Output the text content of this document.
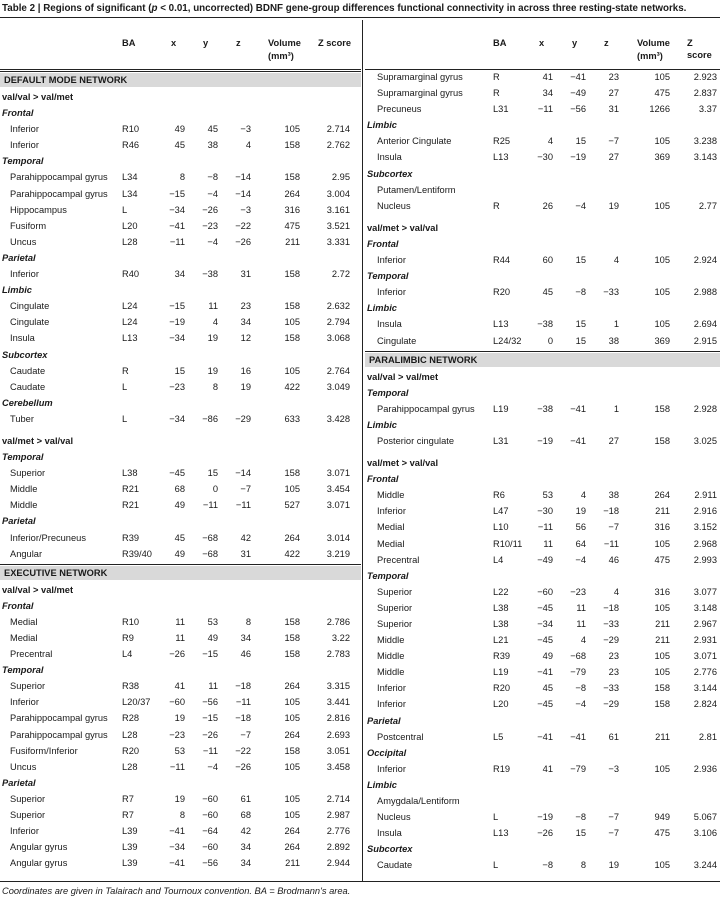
Table 2 | Regions of significant (p < 0.01, uncorrected) BDNF gene-group differences functional connectivity in across three resting-state networks.
BA	x	y	z	Volume
(mm³)
Z score
DEFAULT MODE NETWORK
val/val > val/met
Frontal
Inferior	R10	49	45	−3	105	2.714
Inferior	R46	45	38	4	158	2.762
Temporal
Parahippocampal gyrus L34	8	−8	−14	158	2.95
Parahippocampal gyrus L34	−15	−4	−14	264	3.004
Hippocampus	L	−34	−26	−3	316	3.161
Fusiform	L20	−41	−23	−22	475	3.521
Uncus	L28	−11	−4	−26	211	3.331
Parietal
Inferior	R40	34	−38	31	158	2.72
Limbic
Cingulate	L24	−15	11	23	158	2.632
Cingulate	L24	−19	4	34	105	2.794
Insula	L13	−34	19	12	158	3.068
Subcortex
Caudate	R	15	19	16	105	2.764
Caudate	L	−23	8	19	422	3.049
Cerebellum
Tuber	L	−34	−86	−29	633	3.428
val/met > val/val
Temporal
Superior	L38	−45	15	−14	158	3.071
Middle	R21	68	0	−7	105	3.454
Middle	R21	49	−11	−11	527	3.071
Parietal
Inferior/Precuneus	R39	45	−68	42	264	3.014
Angular	R39/40	49	−68	31	422	3.219
EXECUTIVE NETWORK
val/val > val/met
Frontal
Medial	R10	11	53	8	158	2.786
Medial	R9	11	49	34	158	3.22
Precentral	L4	−26	−15	46	158	2.783
Temporal
Superior	R38	41	11	−18	264	3.315
Inferior	L20/37	−60	−56	−11	105	3.441
Parahippocampal gyrus R28	19	−15	−18	105	2.816
Parahippocampal gyrus L28	−23	−26	−7	264	2.693
Fusiform/Inferior	R20	53	−11	−22	158	3.051
Uncus	L28	−11	−4	−26	105	3.458
Parietal
Superior	R7	19	−60	61	105	2.714
Superior	R7	8	−60	68	105	2.987
Inferior	L39	−41	−64	42	264	2.776
Angular gyrus	L39	−34	−60	34	264	2.892
Angular gyrus	L39	−41	−56	34	211	2.944
BA	x	y	z	Volume
(mm³)
Z score
Supramarginal gyrus	R	41	−41	23	105	2.923
Supramarginal gyrus	R	34	−49	27	475	2.837
Precuneus	L31	−11	−56	31	1266	3.37
Limbic
Anterior Cingulate	R25	4	15	−7	105	3.238
Insula	L13	−30	−19	27	369	3.143
Subcortex
Putamen/Lentiform
Nucleus	R	26	−4	19	105	2.77
val/met > val/val
Frontal
Inferior	R44	60	15	4	105	2.924
Temporal
Inferior	R20	45	−8	−33	105	2.988
Limbic
Insula	L13	−38	15	1	105	2.694
Cingulate	L24/32	0	15	38	369	2.915
PARALIMBIC NETWORK
val/val > val/met
Temporal
Parahippocampal gyrus L19	−38	−41	1	158	2.928
Limbic
Posterior cingulate	L31	−19	−41	27	158	3.025
val/met > val/val
Frontal
Middle	R6	53	4	38	264	2.911
Inferior	L47	−30	19	−18	211	2.916
Medial	L10	−11	56	−7	316	3.152
Medial	R10/11	11	64	−11	105	2.968
Precentral	L4	−49	−4	46	475	2.993
Temporal
Superior	L22	−60	−23	4	316	3.077
Superior	L38	−45	11	−18	105	3.148
Superior	L38	−34	11	−33	211	2.967
Middle	L21	−45	4	−29	211	2.931
Middle	R39	49	−68	23	105	3.071
Middle	L19	−41	−79	23	105	2.776
Inferior	R20	45	−8	−33	158	3.144
Inferior	L20	−45	−4	−29	158	2.824
Parietal
Postcentral	L5	−41	−41	61	211	2.81
Occipital
Inferior	R19	41	−79	−3	105	2.936
Limbic
Amygdala/Lentiform
Nucleus	L	−19	−8	−7	949	5.067
Insula	L13	−26	15	−7	475	3.106
Subcortex
Caudate	L	−8	8	19	105	3.244
Coordinates are given in Talairach and Tournoux convention. BA = Brodmann's area.
